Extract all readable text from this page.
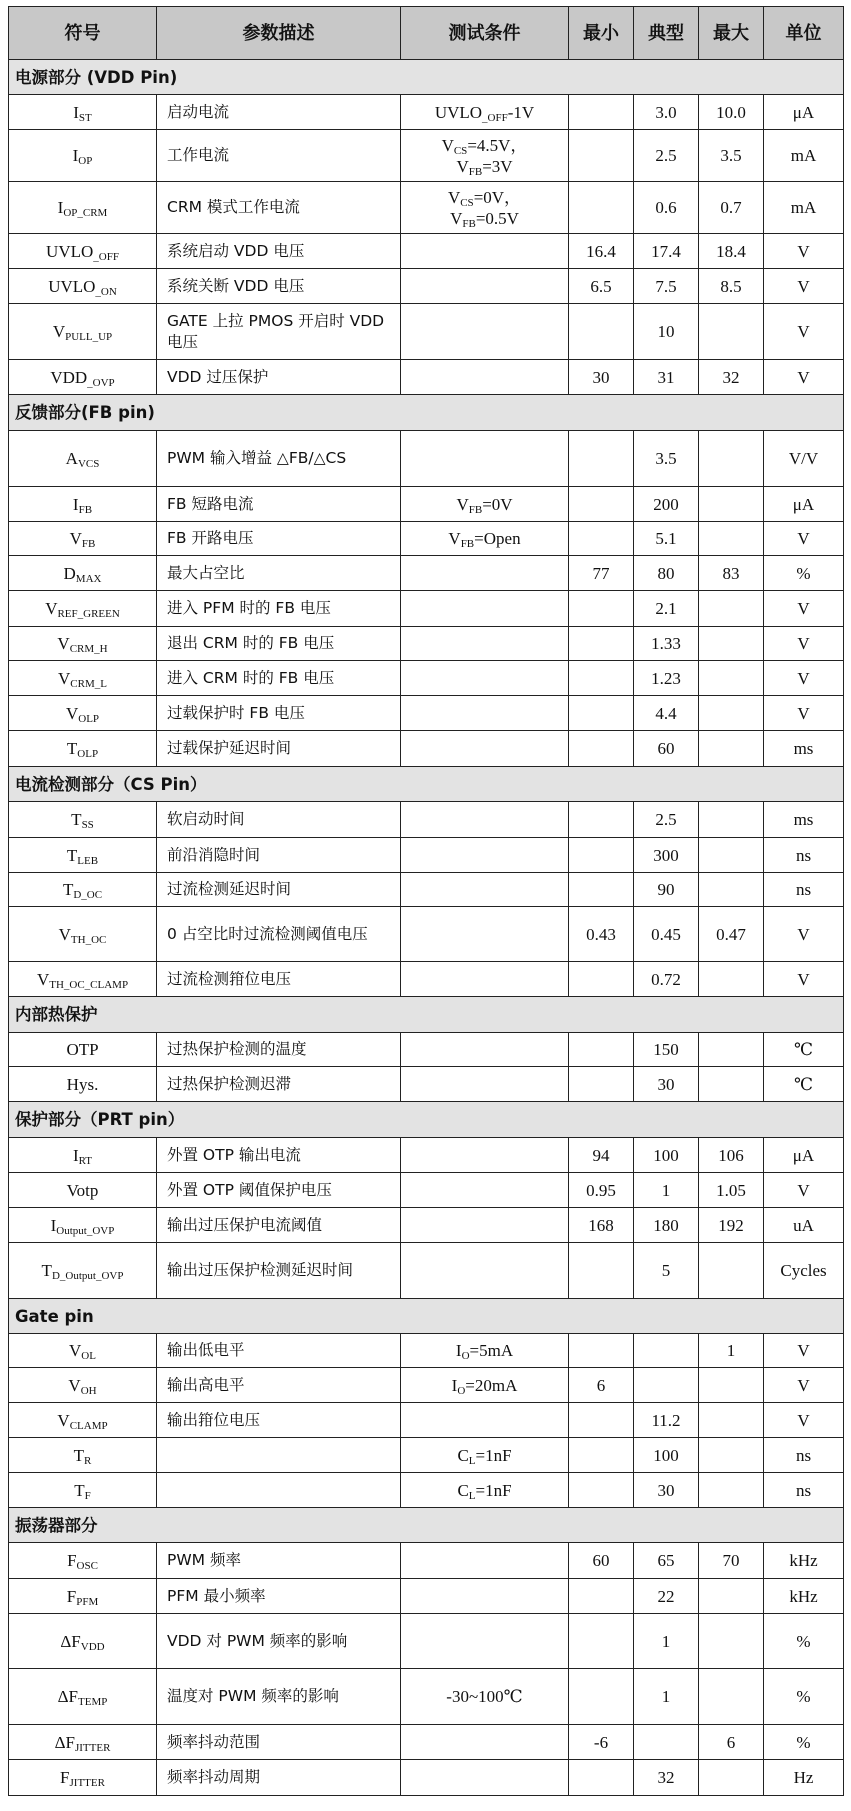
符号	参数描述	测试条件	最小	典型	最大	单位
电源部分 (VDD Pin)						
$I_{ST}$	启动电流	$UVLO_{\_OFF}-1V$		3.0	10.0	μA
$I_{OP}$	工作电流	$V_{CS}=4.5V$，
$V_{FB}=3V$		2.5	3.5	mA
$I_{OP\_CRM}$	CRM 模式工作电流	$V_{CS}=0V$，
$V_{FB}=0.5V$		0.6	0.7	mA
$UVLO_{\_OFF}$	系统启动 VDD 电压		16.4	17.4	18.4	V
$UVLO_{\_ON}$	系统关断 VDD 电压		6.5	7.5	8.5	V
$V_{PULL\_UP}$	GATE 上拉 PMOS 开启时 VDD 电压			10		V
$VDD_{\_OVP}$	VDD 过压保护		30	31	32	V
反馈部分(FB pin)						
$A_{VCS}$	PWM 输入增益 △FB/△CS			3.5		V/V
$I_{FB}$	FB 短路电流	$V_{FB}=0V$		200		μA
$V_{FB}$	FB 开路电压	$V_{FB}=Open$		5.1		V
$D_{MAX}$	最大占空比		77	80	83	%
$V_{REF\_GREEN}$	进入 PFM 时的 FB 电压			2.1		V
$V_{CRM\_H}$	退出 CRM 时的 FB 电压			1.33		V
$V_{CRM\_L}$	进入 CRM 时的 FB 电压			1.23		V
$V_{OLP}$	过载保护时 FB 电压			4.4		V
$T_{OLP}$	过载保护延迟时间			60		ms
电流检测部分（CS Pin）						
$T_{SS}$	软启动时间			2.5		ms
$T_{LEB}$	前沿消隐时间			300		ns
$T_{D\_OC}$	过流检测延迟时间			90		ns
$V_{TH\_OC}$	0 占空比时过流检测阈值电压		0.43	0.45	0.47	V
$V_{TH\_OC\_CLAMP}$	过流检测箝位电压			0.72		V
内部热保护						
OTP	过热保护检测的温度			150		℃
Hys.	过热保护检测迟滞			30		℃
保护部分（PRT pin）						
$I_{RT}$	外置 OTP 输出电流		94	100	106	μA
Votp	外置 OTP 阈值保护电压		0.95	1	1.05	V
$I_{Output\_OVP}$	输出过压保护电流阈值		168	180	192	uA
$T_{D\_Output\_OVP}$	输出过压保护检测延迟时间			5		Cycles
Gate pin						
$V_{OL}$	输出低电平	$I_O=5mA$			1	V
$V_{OH}$	输出高电平	$I_O=20mA$	6			V
$V_{CLAMP}$	输出箝位电压			11.2		V
$T_R$		$C_L=1nF$		100		ns
$T_F$		$C_L=1nF$		30		ns
振荡器部分						
$F_{OSC}$	PWM 频率		60	65	70	kHz
$F_{PFM}$	PFM 最小频率			22		kHz
$\Delta F_{VDD}$	VDD 对 PWM 频率的影响			1		%
$\Delta F_{TEMP}$	温度对 PWM 频率的影响	-30~100℃		1		%
$\Delta F_{JITTER}$	频率抖动范围		-6		6	%
$F_{JITTER}$	频率抖动周期			32		Hz
